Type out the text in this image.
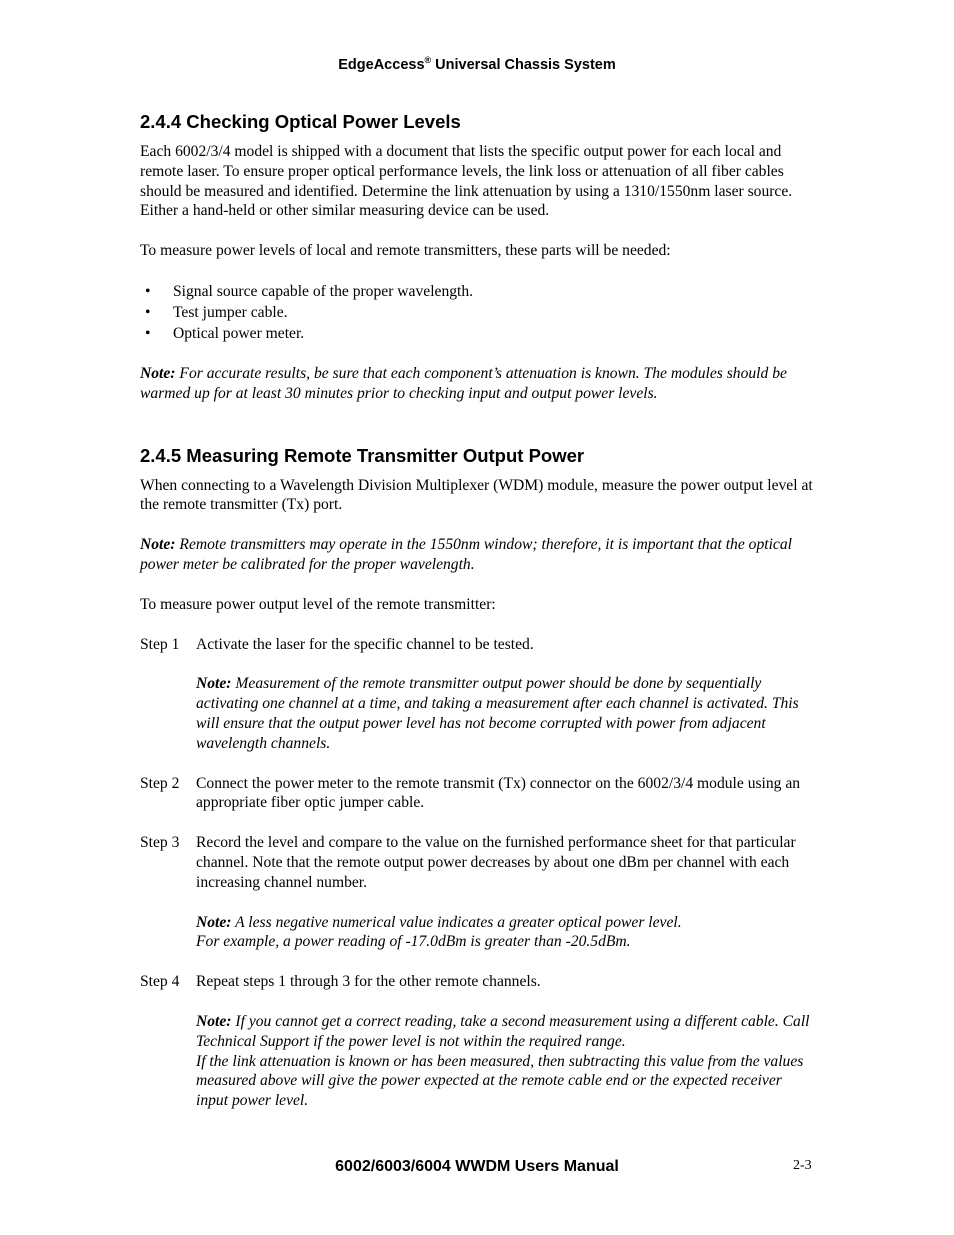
EdgeAccess® Universal Chassis System
2.4.4 Checking Optical Power Levels

Each 6002/3/4 model is shipped with a document that lists the specific output power for each local and remote laser. To ensure proper optical performance levels, the link loss or attenuation of all fiber cables should be measured and identified. Determine the link attenuation by using a 1310/1550nm laser source. Either a hand-held or other similar measuring device can be used.

To measure power levels of local and remote transmitters, these parts will be needed:

• Signal source capable of the proper wavelength.
• Test jumper cable.
• Optical power meter.

Note: For accurate results, be sure that each component’s attenuation is known. The modules should be warmed up for at least 30 minutes prior to checking input and output power levels.

2.4.5 Measuring Remote Transmitter Output Power

When connecting to a Wavelength Division Multiplexer (WDM) module, measure the power output level at the remote transmitter (Tx) port.

Note: Remote transmitters may operate in the 1550nm window; therefore, it is important that the optical power meter be calibrated for the proper wavelength.

To measure power output level of the remote transmitter:

Step 1	Activate the laser for the specific channel to be tested.

Note: Measurement of the remote transmitter output power should be done by sequentially activating one channel at a time, and taking a measurement after each channel is activated. This will ensure that the output power level has not become corrupted with power from adjacent wavelength channels.

Step 2	Connect the power meter to the remote transmit (Tx) connector on the 6002/3/4 module using an appropriate fiber optic jumper cable.
Step 3	Record the level and compare to the value on the furnished performance sheet for that particular channel. Note that the remote output power decreases by about one dBm per channel with each increasing channel number.

Note: A less negative numerical value indicates a greater optical power level.
For example, a power reading of -17.0dBm is greater than -20.5dBm.

Step 4	Repeat steps 1 through 3 for the other remote channels.

Note: If you cannot get a correct reading, take a second measurement using a different cable. Call Technical Support if the power level is not within the required range.
If the link attenuation is known or has been measured, then subtracting this value from the values measured above will give the power expected at the remote cable end or the expected receiver input power level.

6002/6003/6004 WWDM Users Manual	2-3
